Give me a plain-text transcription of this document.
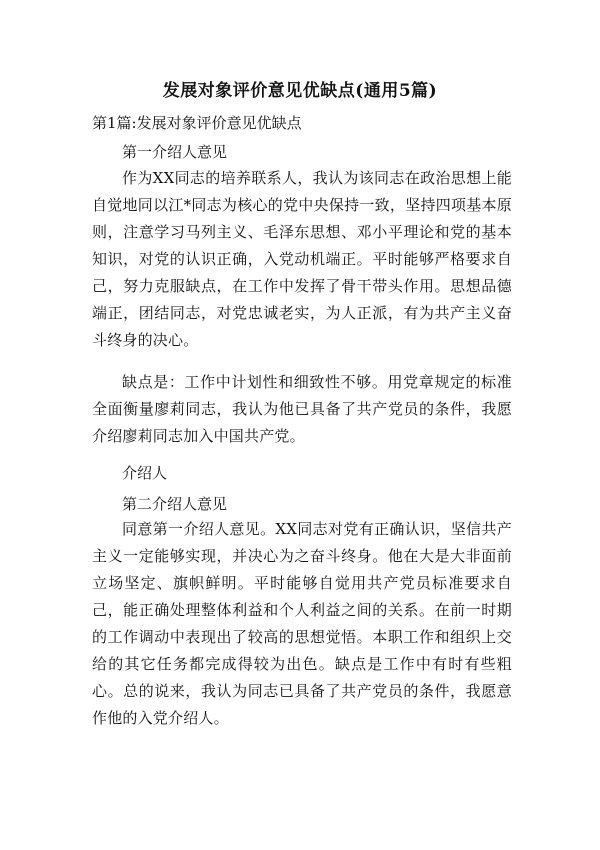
发展对象评价意见优缺点(通用5篇)
第1篇:发展对象评价意见优缺点
第一介绍人意见
作为XX同志的培养联系人，我认为该同志在政治思想上能自觉地同以江*同志为核心的党中央保持一致，坚持四项基本原则，注意学习马列主义、毛泽东思想、邓小平理论和党的基本知识，对党的认识正确，入党动机端正。平时能够严格要求自己，努力克服缺点，在工作中发挥了骨干带头作用。思想品德端正，团结同志，对党忠诚老实，为人正派，有为共产主义奋斗终身的决心。
缺点是：工作中计划性和细致性不够。用党章规定的标准全面衡量廖莉同志，我认为他已具备了共产党员的条件，我愿介绍廖莉同志加入中国共产党。
介绍人
第二介绍人意见
同意第一介绍人意见。XX同志对党有正确认识，坚信共产主义一定能够实现，并决心为之奋斗终身。他在大是大非面前立场坚定、旗帜鲜明。平时能够自觉用共产党员标准要求自己，能正确处理整体利益和个人利益之间的关系。在前一时期的工作调动中表现出了较高的思想觉悟。本职工作和组织上交给的其它任务都完成得较为出色。缺点是工作中有时有些粗心。总的说来，我认为同志已具备了共产党员的条件，我愿意作他的入党介绍人。
